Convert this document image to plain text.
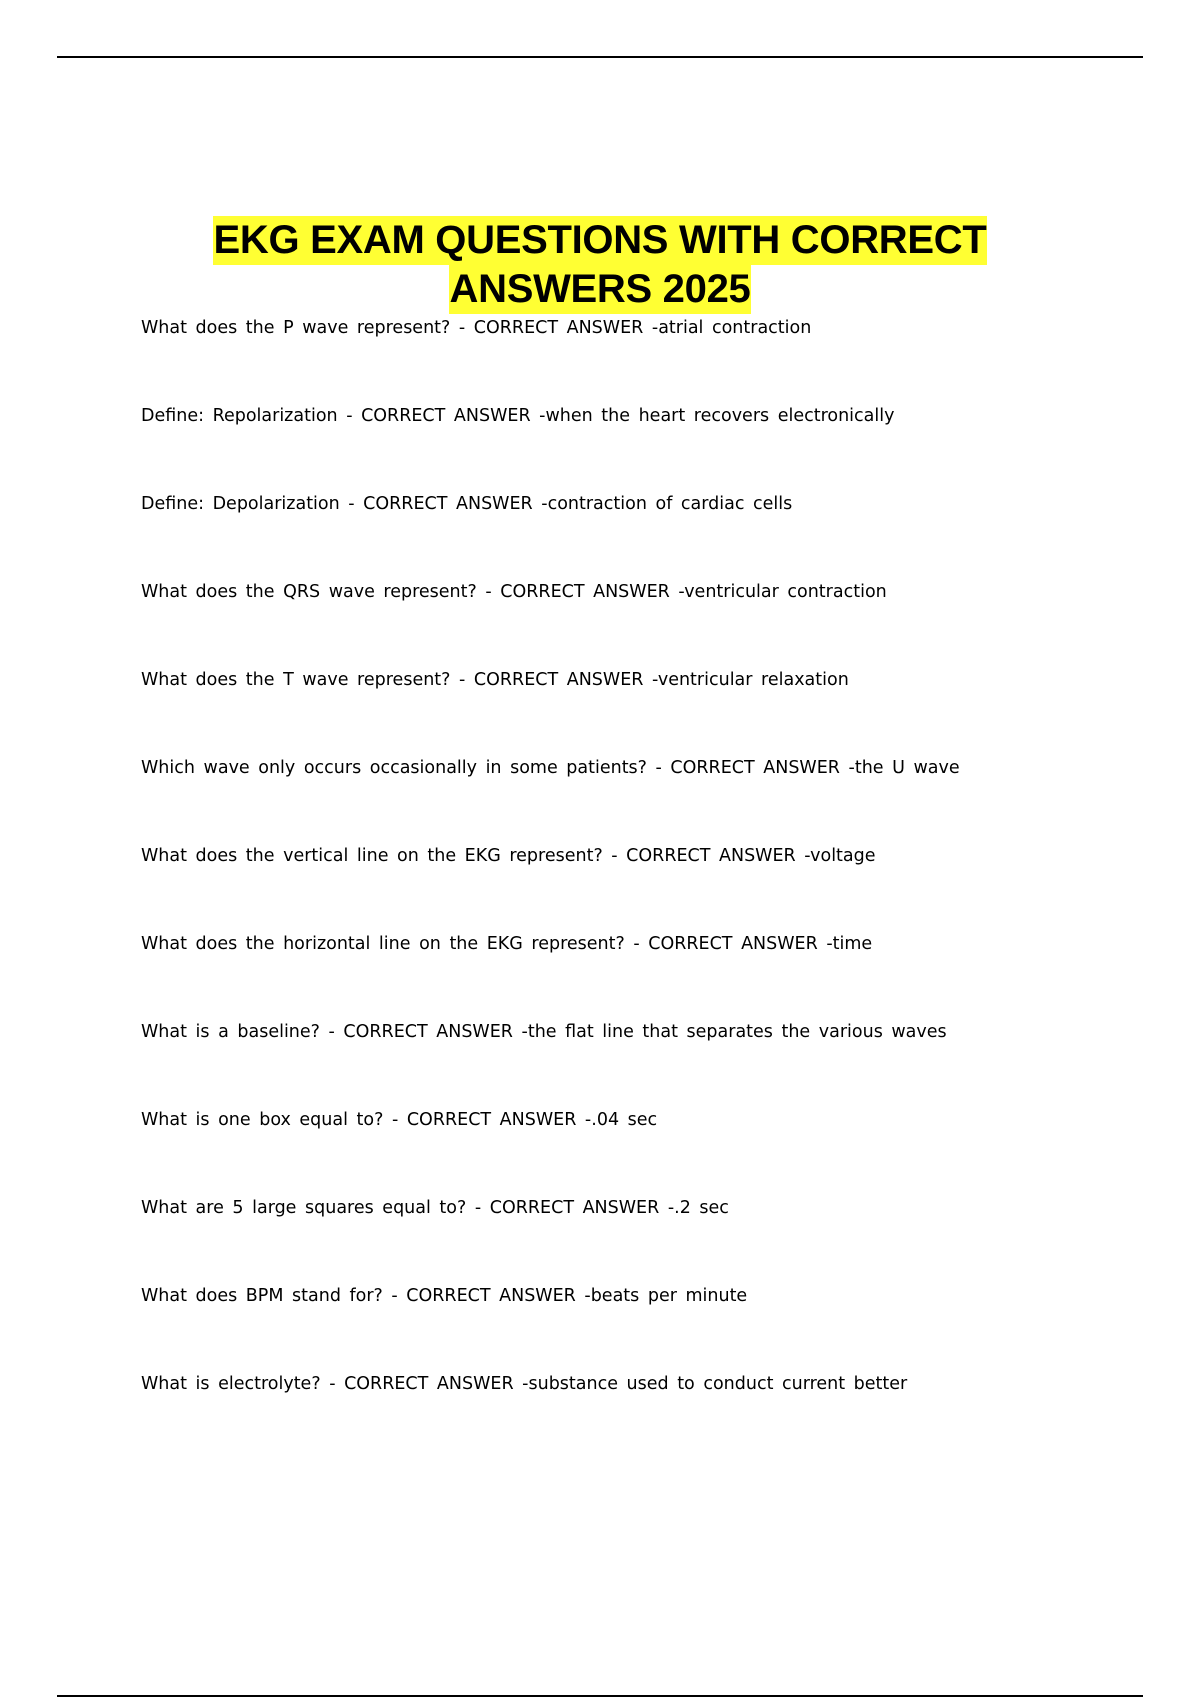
EKG EXAM QUESTIONS WITH CORRECT
ANSWERS 2025
What does the P wave represent? - CORRECT ANSWER -atrial contraction
Define: Repolarization - CORRECT ANSWER -when the heart recovers electronically
Define: Depolarization - CORRECT ANSWER -contraction of cardiac cells
What does the QRS wave represent? - CORRECT ANSWER -ventricular contraction
What does the T wave represent? - CORRECT ANSWER -ventricular relaxation
Which wave only occurs occasionally in some patients? - CORRECT ANSWER -the U wave
What does the vertical line on the EKG represent? - CORRECT ANSWER -voltage
What does the horizontal line on the EKG represent? - CORRECT ANSWER -time
What is a baseline? - CORRECT ANSWER -the flat line that separates the various waves
What is one box equal to? - CORRECT ANSWER -.04 sec
What are 5 large squares equal to? - CORRECT ANSWER -.2 sec
What does BPM stand for? - CORRECT ANSWER -beats per minute
What is electrolyte? - CORRECT ANSWER -substance used to conduct current better
